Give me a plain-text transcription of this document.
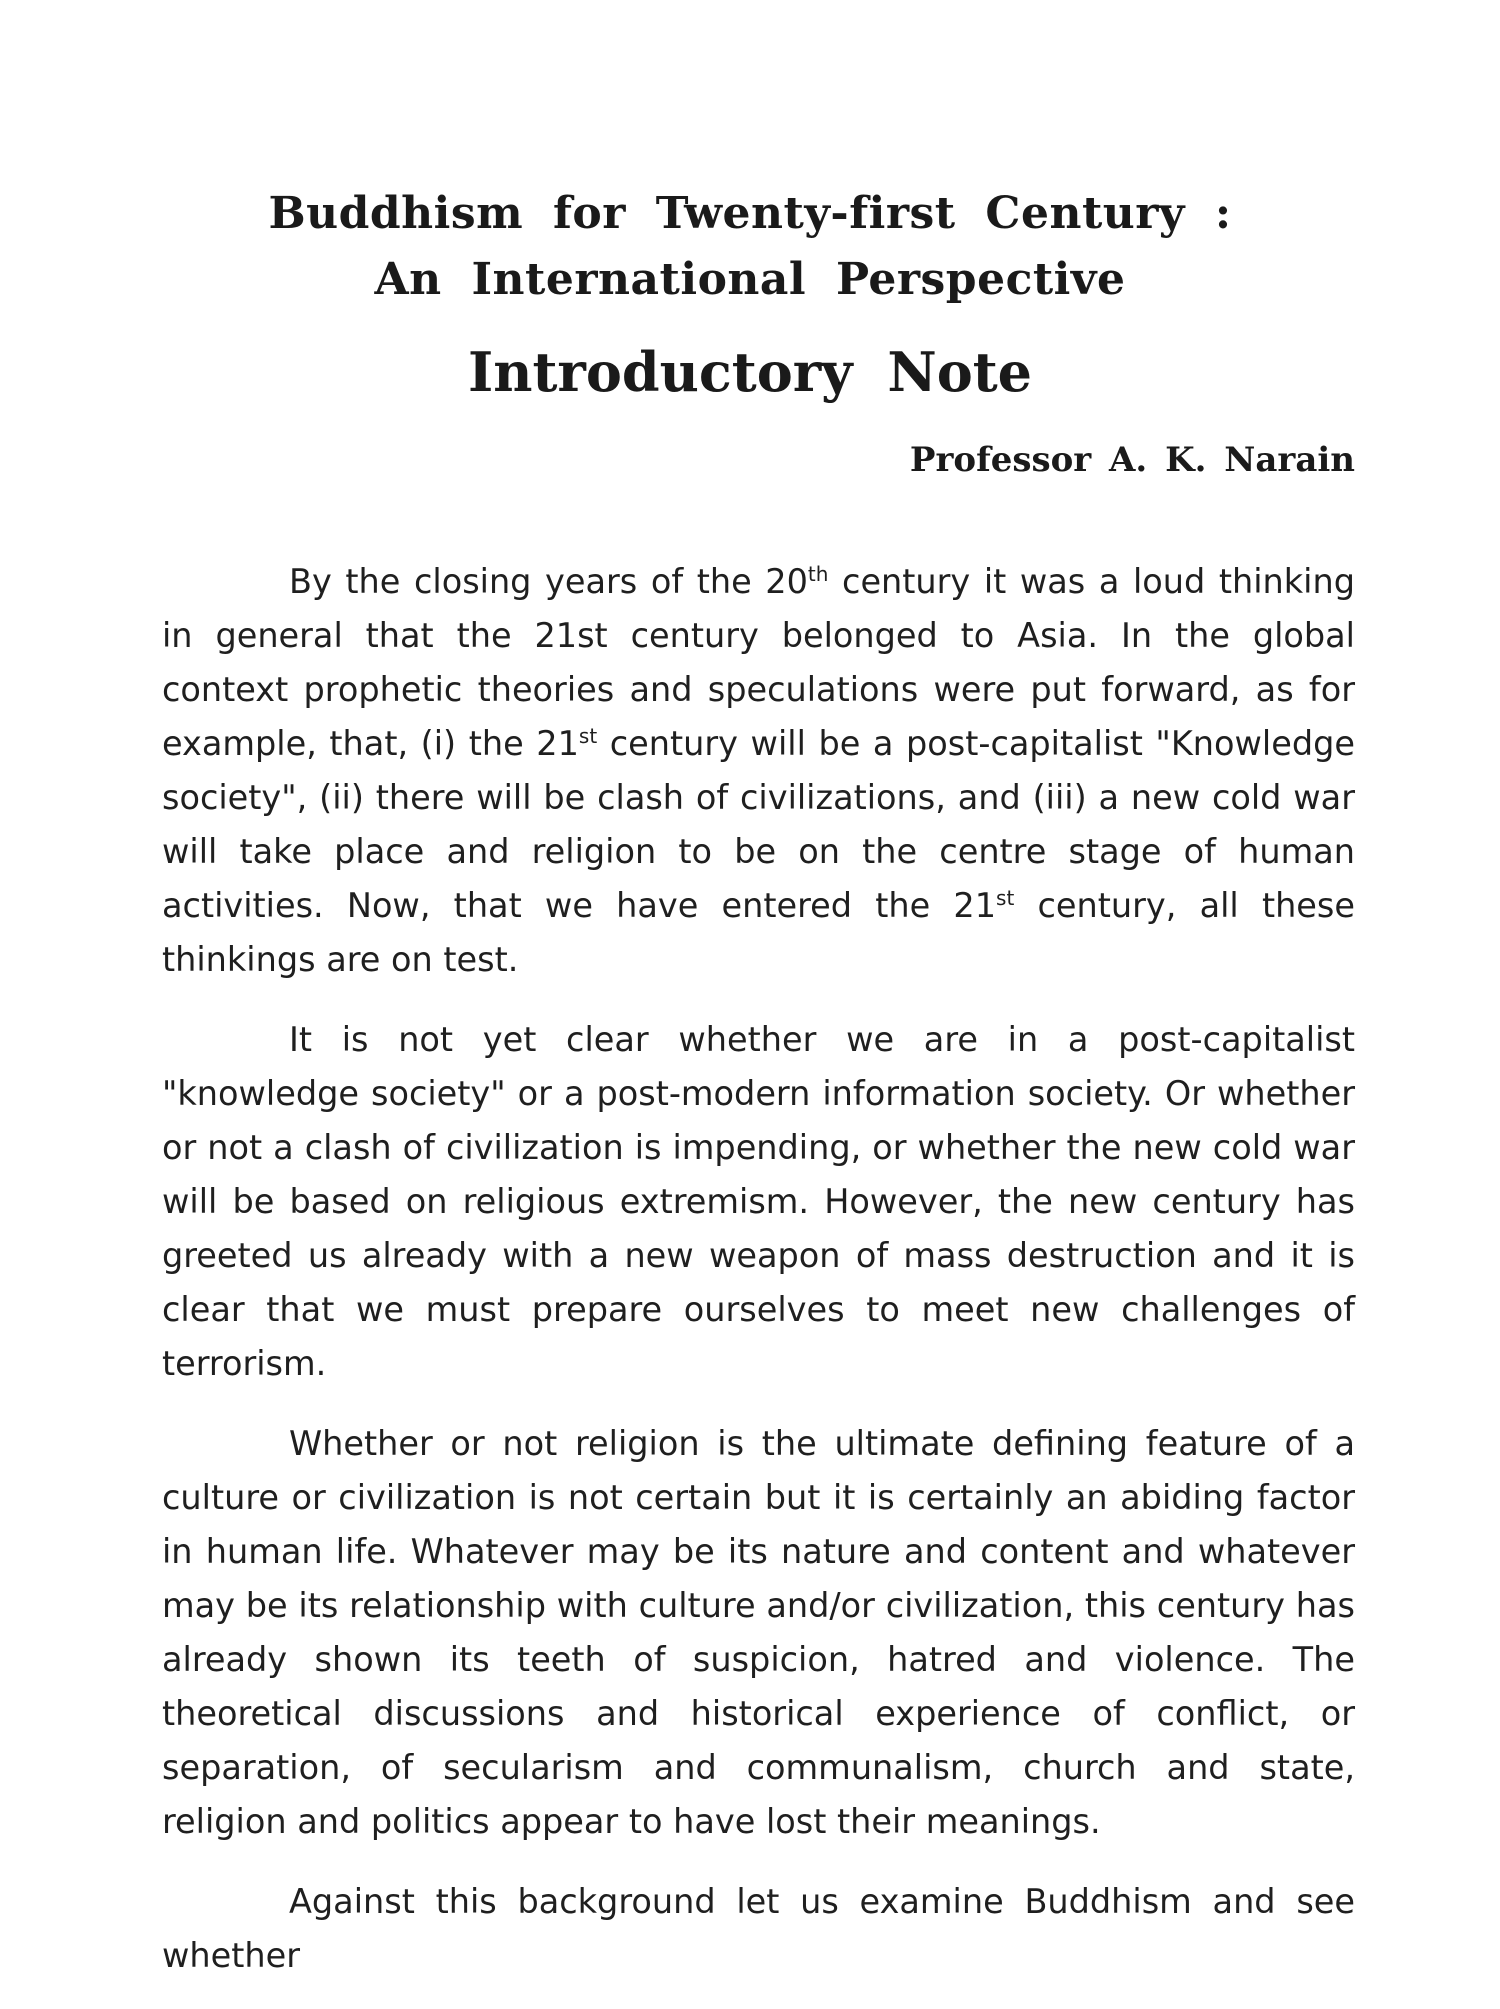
Buddhism for Twenty-first Century :
An International Perspective
Introductory Note
Professor A. K. Narain

By the closing years of the 20th century it was a loud thinking in general that the 21st century belonged to Asia. In the global context prophetic theories and speculations were put forward, as for example, that, (i) the 21st century will be a post-capitalist "Knowledge society", (ii) there will be clash of civilizations, and (iii) a new cold war will take place and religion to be on the centre stage of human activities. Now, that we have entered the 21st century, all these thinkings are on test.

It is not yet clear whether we are in a post-capitalist "knowledge society" or a post-modern information society. Or whether or not a clash of civilization is impending, or whether the new cold war will be based on religious extremism. However, the new century has greeted us already with a new weapon of mass destruction and it is clear that we must prepare ourselves to meet new challenges of terrorism.

Whether or not religion is the ultimate defining feature of a culture or civilization is not certain but it is certainly an abiding factor in human life. Whatever may be its nature and content and whatever may be its relationship with culture and/or civilization, this century has already shown its teeth of suspicion, hatred and violence. The theoretical discussions and historical experience of conflict, or separation, of secularism and communalism, church and state, religion and politics appear to have lost their meanings.

Against this background let us examine Buddhism and see whether
